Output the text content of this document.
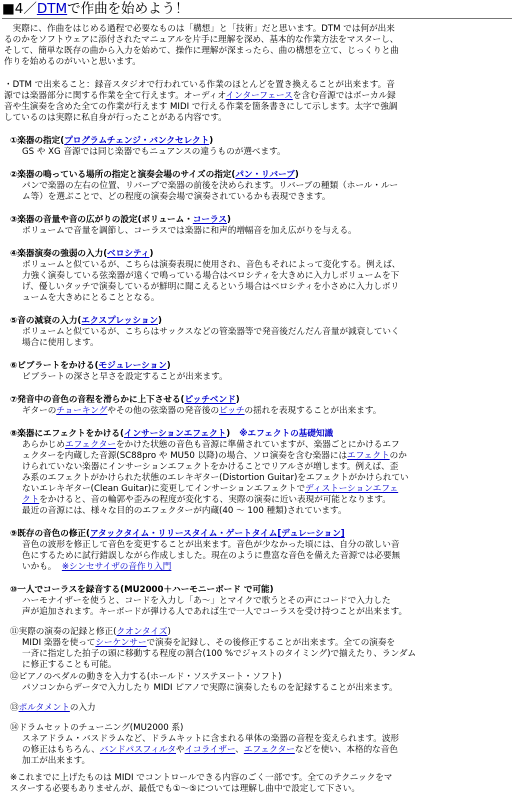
■4／DTMで作曲を始めよう！
　実際に、作曲をはじめる過程で必要なものは「構想」と「技術」だと思います。DTM では何が出来
るのかをソフトウェアに添付されたマニュアルを片手に理解を深め、基本的な作業方法をマスターし、
そして、簡単な既存の曲から入力を始めて、操作に理解が深まったら、曲の構想を立て、じっくりと曲
作りを始めるのがいいと思います。
・DTM で出来ること：録音スタジオで行われている作業のほとんどを置き換えることが出来ます。音
源では楽器部分に関する作業を全て行えます。オーディオインターフェースを含む音源ではボーカル録
音や生演奏を含めた全ての作業が行えます MIDI で行える作業を箇条書きにして示します。太字で強調
しているのは実際に私自身が行ったことがある内容です。
①楽器の指定(プログラムチェンジ・バンクセレクト)
GS や XG 音源では同じ楽器でもニュアンスの違うものが選べます。
②楽器の鳴っている場所の指定と演奏会場のサイズの指定(パン・リバーブ)
パンで楽器の左右の位置、リバーブで楽器の前後を決められます。リバーブの種類（ホール・ルー
ム等）を選ぶことで、どの程度の演奏会場で演奏されているかも表現できます。
③楽器の音量や音の広がりの設定(ボリューム・コーラス)
ボリュームで音量を調節し、コーラスでは楽器に和声的増幅音を加え広がりを与える。
④楽器演奏の強弱の入力(ベロシティ)
ボリュームと似ているが、こちらは演奏表現に使用され、音色もそれによって変化する。例えば、
力強く演奏している弦楽器が遠くで鳴っている場合はベロシティを大きめに入力しボリュームを下
げ、優しいタッチで演奏しているが鮮明に聞こえるという場合はベロシティを小さめに入力しボリ
ュームを大きめにとることとなる。
⑤音の減衰の入力(エクスプレッション)
ボリュームと似ているが、こちらはサックスなどの管楽器等で発音後だんだん音量が減衰していく
場合に使用します。
⑥ビブラートをかける(モジュレーション)
ビブラートの深さと早さを設定することが出来ます。
⑦発音中の音色の音程を滑らかに上下させる(ピッチベンド)
ギターのチョーキングやその他の弦楽器の発音後のピッチの揺れを表現することが出来ます。
⑧楽器にエフェクトをかける(インサーションエフェクト) ※エフェクトの基礎知識
あらかじめエフェクターをかけた状態の音色も音源に準備されていますが、楽器ごとにかけるエフ
ェクターを内蔵した音源(SC88pro や MU50 以降)の場合、ソロ演奏を含む楽器にはエフェクトのか
けられていない楽器にインサーションエフェクトをかけることでリアルさが増します。例えば、歪
み系のエフェクトがかけられた状態のエレキギター(Distortion Guitar)をエフェクトがかけられてい
ないエレキギター(Clean Guitar)に変更してインサーションエフェクトでディストーションエフェ
クトをかけると、音の輪郭や歪みの程度が変化する、実際の演奏に近い表現が可能となります。
最近の音源には、様々な目的のエフェクターが内蔵(40 ～ 100 種類)されています。
⑨既存の音色の修正(アタックタイム・リリースタイム・ゲートタイム[デュレーション]
音色の波形を修正して音色を変更することが出来ます。音色が少なかった頃には、自分の欲しい音
色にするために試行錯誤しながら作成しました。現在のように豊富な音色を備えた音源では必要無
いかも。 ※シンセサイザの音作り入門
⑩一人でコーラスを録音する(MU2000＋ハーモニーボード で可能)
ハーモナイザーを使うと、コードを入力し「あ～」とマイクで歌うとその声にコードで入力した
声が追加されます。キーボードが弾ける人であれば生で一人でコーラスを受け持つことが出来ます。
⑪実際の演奏の記録と修正(クオンタイズ)
MIDI 楽器を使ってシーケンサーで演奏を記録し、その後修正することが出来ます。全ての演奏を
一斉に指定した拍子の頭に移動する程度の割合(100 %でジャストのタイミング)で揃えたり、ランダム
に修正することも可能。
⑫ピアノのペダルの動きを入力する(ホールド・ソステヌート・ソフト)
パソコンからデータで入力したり MIDI ピアノで実際に演奏したものを記録することが出来ます。
⑬ポルタメントの入力
⑭ドラムセットのチューニング(MU2000 系)
スネアドラム・バスドラムなど、ドラムキットに含まれる単体の楽器の音程を変えられます。波形
の修正はもちろん、バンドパスフィルタやイコライザー、エフェクターなどを使い、本格的な音色
加工が出来ます。
※これまでに上げたものは MIDI でコントロールできる内容のごく一部です。全てのテクニックをマ
スターする必要もありませんが、最低でも①～⑤については理解し曲中で設定して下さい。
